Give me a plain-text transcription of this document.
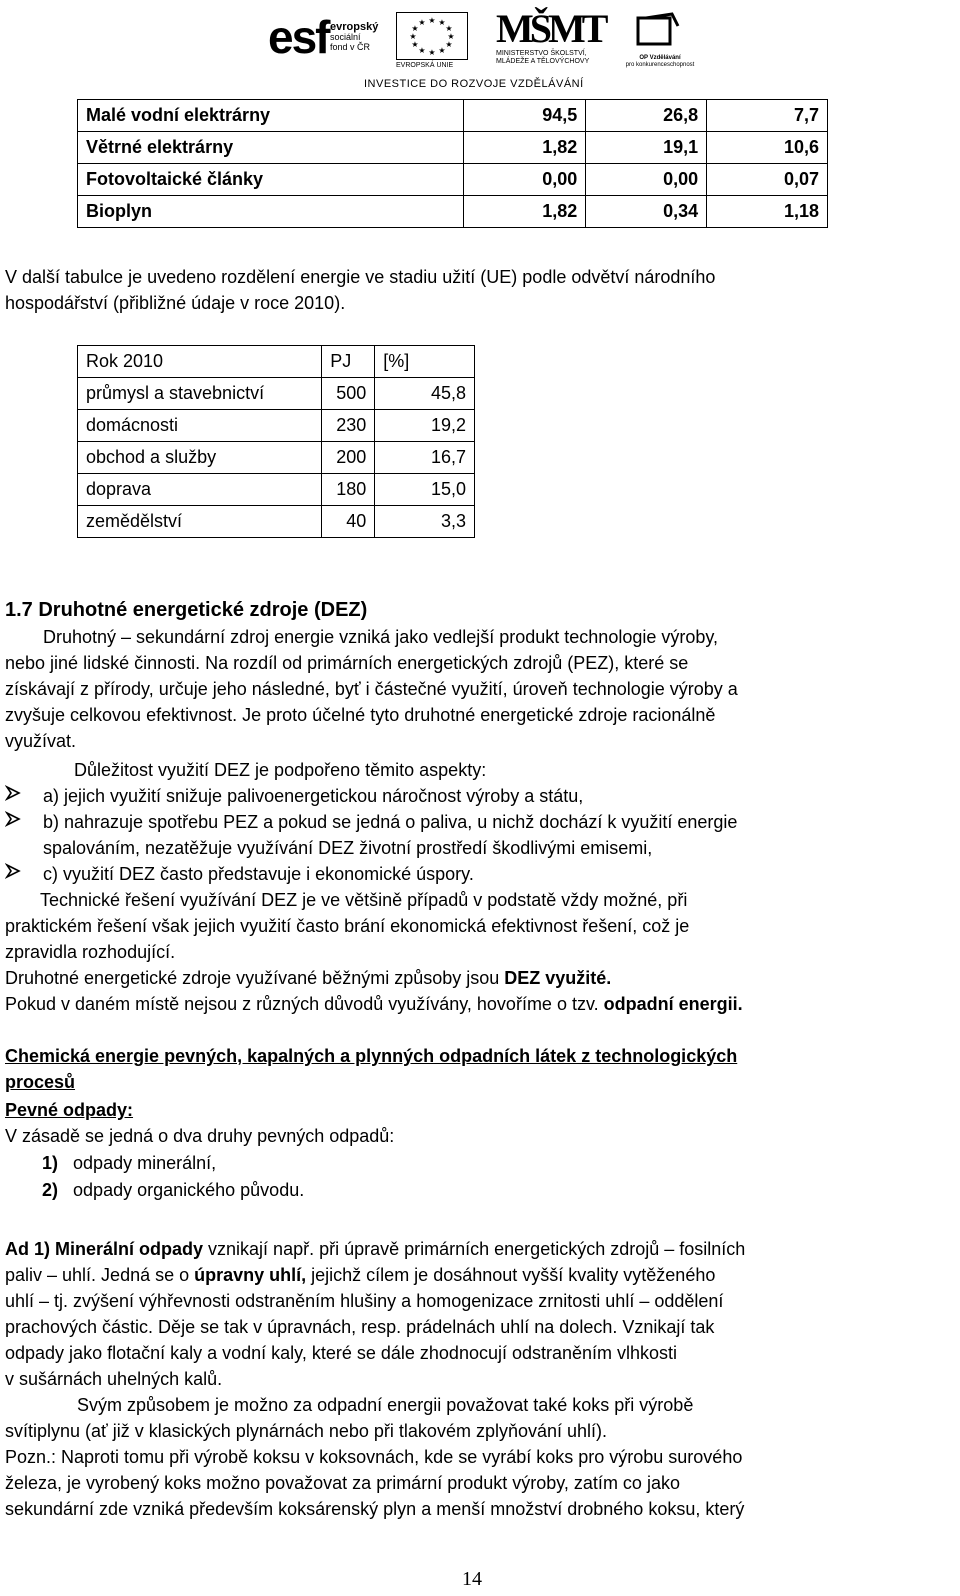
esf evropský
sociální
fond v ČR
★ ★
★
★
★
★
★
★
★
★
★
★
EVROPSKÁ UNIE
MŠMT
MINISTERSTVO ŠKOLSTVÍ,
MLÁDEŽE A TĚLOVÝCHOVY	OP Vzdělávání
pro konkurenceschopnost
INVESTICE DO ROZVOJE VZDĚLÁVÁNÍ
Malé vodní elektrárny	94,5	26,8	7,7
Větrné elektrárny	1,82	19,1	10,6
Fotovoltaické články	0,00	0,00	0,07
Bioplyn	1,82	0,34	1,18
V další tabulce je uvedeno rozdělení energie ve stadiu užití (UE) podle odvětví národního
hospodářství (přibližné údaje v roce 2010).
Rok 2010	PJ	[%]
průmysl a stavebnictví	500	45,8
domácnosti	230	19,2
obchod a služby	200	16,7
doprava	180	15,0
zemědělství	40	3,3
1.7 Druhotné energetické zdroje (DEZ)
Druhotný – sekundární zdroj energie vzniká jako vedlejší produkt technologie výroby,
nebo jiné lidské činnosti. Na rozdíl od primárních energetických zdrojů (PEZ), které se
získávají z přírody, určuje jeho následné, byť i částečné využití, úroveň technologie výroby a
zvyšuje celkovou efektivnost. Je proto účelné tyto druhotné energetické zdroje racionálně
využívat.
Důležitost využití DEZ je podpořeno těmito aspekty:
a) jejich využití snižuje palivoenergetickou náročnost výroby a státu,
b) nahrazuje spotřebu PEZ a pokud se jedná o paliva, u nichž dochází k využití energie
spalováním, nezatěžuje využívání DEZ životní prostředí škodlivými emisemi,
c) využití DEZ často představuje i ekonomické úspory.
Technické řešení využívání DEZ je ve většině případů v podstatě vždy možné, při
praktickém řešení však jejich využití často brání ekonomická efektivnost řešení, což je
zpravidla rozhodující.
Druhotné energetické zdroje využívané běžnými způsoby jsou DEZ využité.
Pokud v daném místě nejsou z různých důvodů využívány, hovoříme o tzv. odpadní energii.
Chemická energie pevných, kapalných a plynných odpadních látek z technologických
procesů
Pevné odpady:
V zásadě se jedná o dva druhy pevných odpadů:
1) odpady minerální,
2) odpady organického původu.
Ad 1) Minerální odpady vznikají např. při úpravě primárních energetických zdrojů – fosilních
paliv – uhlí. Jedná se o úpravny uhlí, jejichž cílem je dosáhnout vyšší kvality vytěženého
uhlí – tj. zvýšení výhřevnosti odstraněním hlušiny a homogenizace zrnitosti uhlí – oddělení
prachových částic. Děje se tak v úpravnách, resp. prádelnách uhlí na dolech. Vznikají tak
odpady jako flotační kaly a vodní kaly, které se dále zhodnocují odstraněním vlhkosti
v sušárnách uhelných kalů.
Svým způsobem je možno za odpadní energii považovat také koks při výrobě
svítiplynu (ať již v klasických plynárnách nebo při tlakovém zplyňování uhlí).
Pozn.: Naproti tomu při výrobě koksu v koksovnách, kde se vyrábí koks pro výrobu surového
železa, je vyrobený koks možno považovat za primární produkt výroby, zatím co jako
sekundární zde vzniká především koksárenský plyn a menší množství drobného koksu, který
14
